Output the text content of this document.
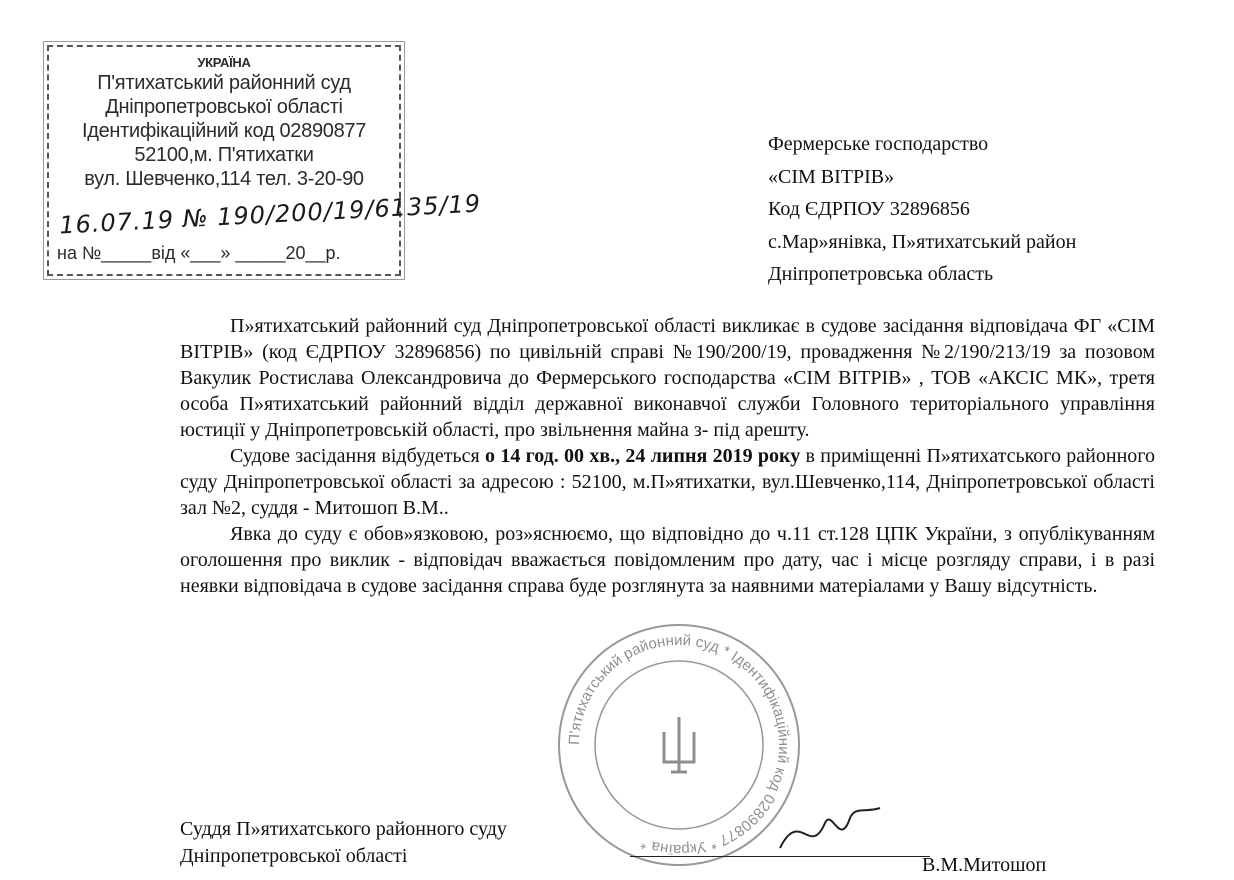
УКРАЇНА
П'ятихатський районний суд
Дніпропетровської області
Ідентифікаційний код 02890877
52100,м. П'ятихатки
вул. Шевченко,114 тел. 3-20-90
16.07.19 № 190/200/19/6135/19
на №_____від «___» _____20__р.
Фермерське господарство
«СІМ ВІТРІВ»
Код ЄДРПОУ 32896856
с.Мар»янівка, П»ятихатський район
Дніпропетровська область

П»ятихатський районний суд Дніпропетровської області викликає в судове засідання відповідача ФГ «СІМ ВІТРІВ» (код ЄДРПОУ 32896856) по цивільній справі №190/200/19, провадження №2/190/213/19 за позовом Вакулик Ростислава Олександровича до Фермерського господарства «СІМ ВІТРІВ» , ТОВ «АКСІС МК», третя особа П»ятихатський районний відділ державної виконавчої служби Головного територіального управління юстиції у Дніпропетровській області, про звільнення майна з- під арешту.

Судове засідання відбудеться о 14 год. 00 хв., 24 липня 2019 року в приміщенні П»ятихатського районного суду Дніпропетровської області за адресою : 52100, м.П»ятихатки, вул.Шевченко,114, Дніпропетровської області зал №2, суддя - Митошоп В.М..

Явка до суду є обов»язковою, роз»яснюємо, що відповідно до ч.11 ст.128 ЦПК України, з опублікуванням оголошення про виклик - відповідач вважається повідомленим про дату, час і місце розгляду справи, і в разі неявки відповідача в судове засідання справа буде розглянута за наявними матеріалами у Вашу відсутність.

П'ятихатський районний суд * Ідентифікаційний код 02890877 * Україна *
Суддя П»ятихатського районного суду
Дніпропетровської області	В.М.Митошоп
